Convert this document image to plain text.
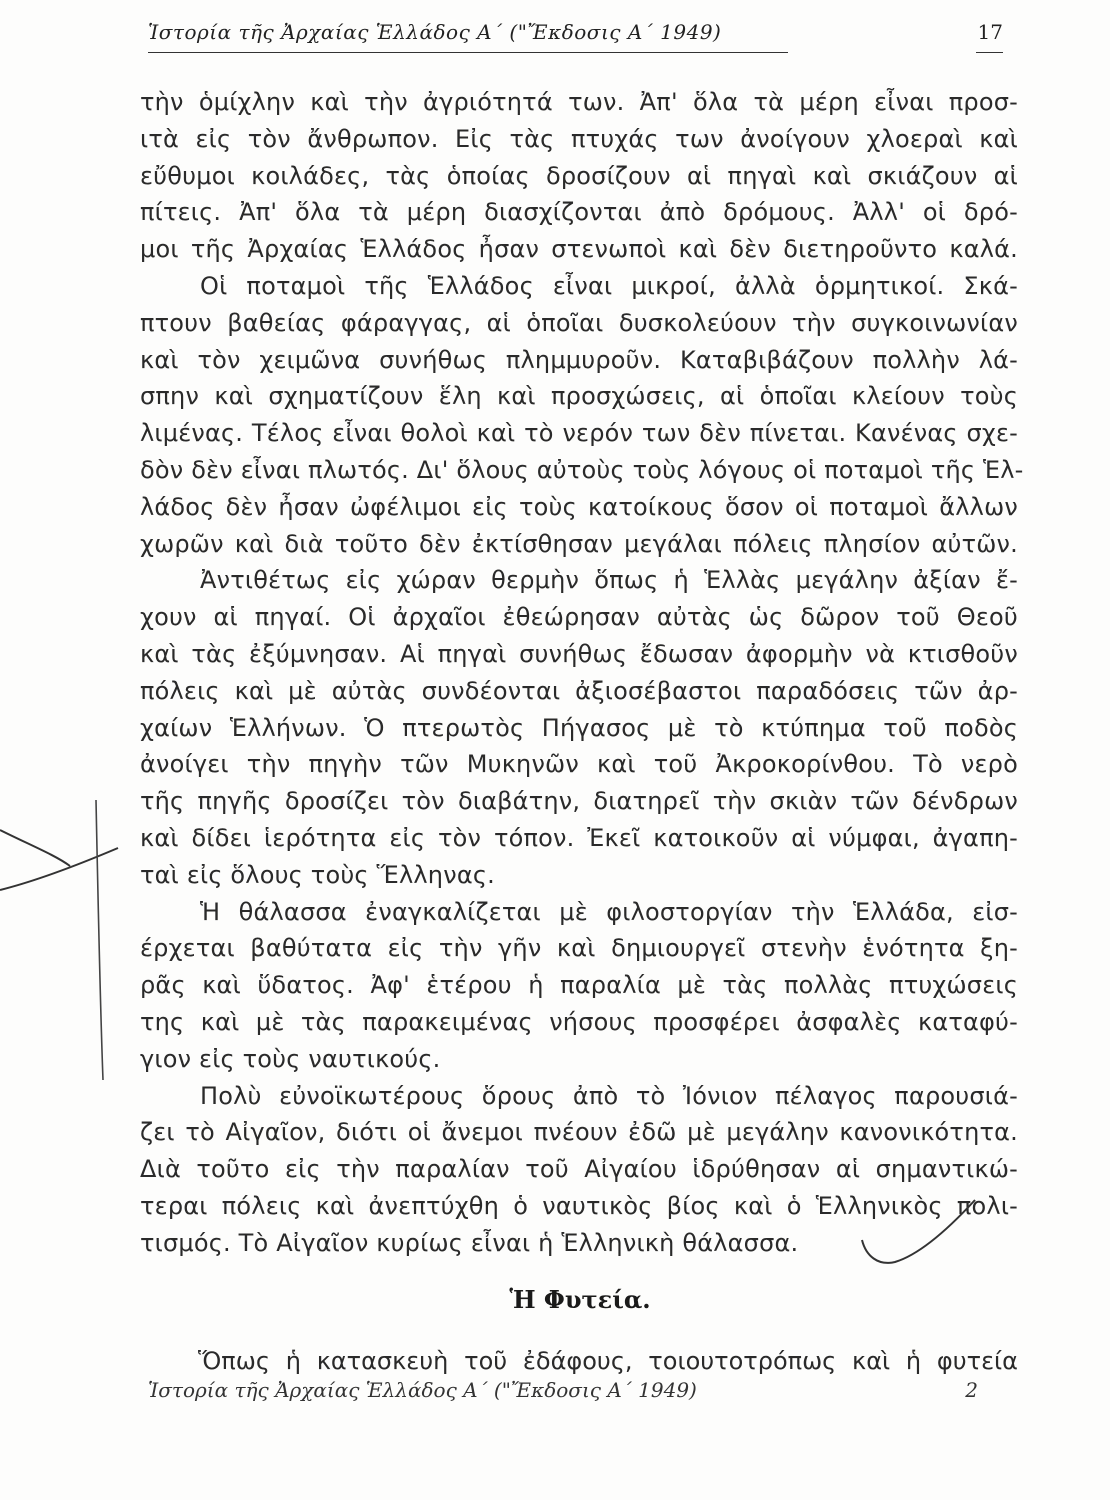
Ἱστορία τῆς Ἀρχαίας Ἑλλάδος Α΄ ("Ἔκδοσις Α΄ 1949)	17
τὴν ὁμίχλην καὶ τὴν ἀγριότητά των. Ἀπ' ὅλα τὰ μέρη εἶναι προσ-
ιτὰ εἰς τὸν ἄνθρωπον. Εἰς τὰς πτυχάς των ἀνοίγουν χλοεραὶ καὶ
εὔθυμοι κοιλάδες, τὰς ὁποίας δροσίζουν αἱ πηγαὶ καὶ σκιάζουν αἱ
πίτεις. Ἀπ' ὅλα τὰ μέρη διασχίζονται ἀπὸ δρόμους. Ἀλλ' οἱ δρό-
μοι τῆς Ἀρχαίας Ἑλλάδος ἦσαν στενωποὶ καὶ δὲν διετηροῦντο καλά.
Οἱ ποταμοὶ τῆς Ἑλλάδος εἶναι μικροί, ἀλλὰ ὁρμητικοί. Σκά-
πτουν βαθείας φάραγγας, αἱ ὁποῖαι δυσκολεύουν τὴν συγκοινωνίαν
καὶ τὸν χειμῶνα συνήθως πλημμυροῦν. Καταβιβάζουν πολλὴν λά-
σπην καὶ σχηματίζουν ἕλη καὶ προσχώσεις, αἱ ὁποῖαι κλείουν τοὺς
λιμένας. Τέλος εἶναι θολοὶ καὶ τὸ νερόν των δὲν πίνεται. Κανένας σχε-
δὸν δὲν εἶναι πλωτός. Δι' ὅλους αὐτοὺς τοὺς λόγους οἱ ποταμοὶ τῆς Ἑλ-
λάδος δὲν ἦσαν ὠφέλιμοι εἰς τοὺς κατοίκους ὅσον οἱ ποταμοὶ ἄλλων
χωρῶν καὶ διὰ τοῦτο δὲν ἐκτίσθησαν μεγάλαι πόλεις πλησίον αὐτῶν.
Ἀντιθέτως εἰς χώραν θερμὴν ὅπως ἡ Ἑλλὰς μεγάλην ἀξίαν ἔ-
χουν αἱ πηγαί. Οἱ ἀρχαῖοι ἐθεώρησαν αὐτὰς ὡς δῶρον τοῦ Θεοῦ
καὶ τὰς ἐξύμνησαν. Αἱ πηγαὶ συνήθως ἔδωσαν ἀφορμὴν νὰ κτισθοῦν
πόλεις καὶ μὲ αὐτὰς συνδέονται ἀξιοσέβαστοι παραδόσεις τῶν ἀρ-
χαίων Ἑλλήνων. Ὁ πτερωτὸς Πήγασος μὲ τὸ κτύπημα τοῦ ποδὸς
ἀνοίγει τὴν πηγὴν τῶν Μυκηνῶν καὶ τοῦ Ἀκροκορίνθου. Τὸ νερὸ
τῆς πηγῆς δροσίζει τὸν διαβάτην, διατηρεῖ τὴν σκιὰν τῶν δένδρων
καὶ δίδει ἱερότητα εἰς τὸν τόπον. Ἐκεῖ κατοικοῦν αἱ νύμφαι, ἀγαπη-
ταὶ εἰς ὅλους τοὺς Ἕλληνας.
Ἡ θάλασσα ἐναγκαλίζεται μὲ φιλοστοργίαν τὴν Ἑλλάδα, εἰσ-
έρχεται βαθύτατα εἰς τὴν γῆν καὶ δημιουργεῖ στενὴν ἑνότητα ξη-
ρᾶς καὶ ὕδατος. Ἀφ' ἑτέρου ἡ παραλία μὲ τὰς πολλὰς πτυχώσεις
της καὶ μὲ τὰς παρακειμένας νήσους προσφέρει ἀσφαλὲς καταφύ-
γιον εἰς τοὺς ναυτικούς.
Πολὺ εὐνοϊκωτέρους ὅρους ἀπὸ τὸ Ἰόνιον πέλαγος παρουσιά-
ζει τὸ Αἰγαῖον, διότι οἱ ἄνεμοι πνέουν ἐδῶ μὲ μεγάλην κανονικότητα.
Διὰ τοῦτο εἰς τὴν παραλίαν τοῦ Αἰγαίου ἱδρύθησαν αἱ σημαντικώ-
τεραι πόλεις καὶ ἀνεπτύχθη ὁ ναυτικὸς βίος καὶ ὁ Ἑλληνικὸς πολι-
τισμός. Τὸ Αἰγαῖον κυρίως εἶναι ἡ Ἑλληνικὴ θάλασσα.
Ἡ Φυτεία.
Ὅπως ἡ κατασκευὴ τοῦ ἐδάφους, τοιουτοτρόπως καὶ ἡ φυτεία
Ἱστορία τῆς Ἀρχαίας Ἑλλάδος Α΄ ("Ἔκδοσις Α΄ 1949)	2
